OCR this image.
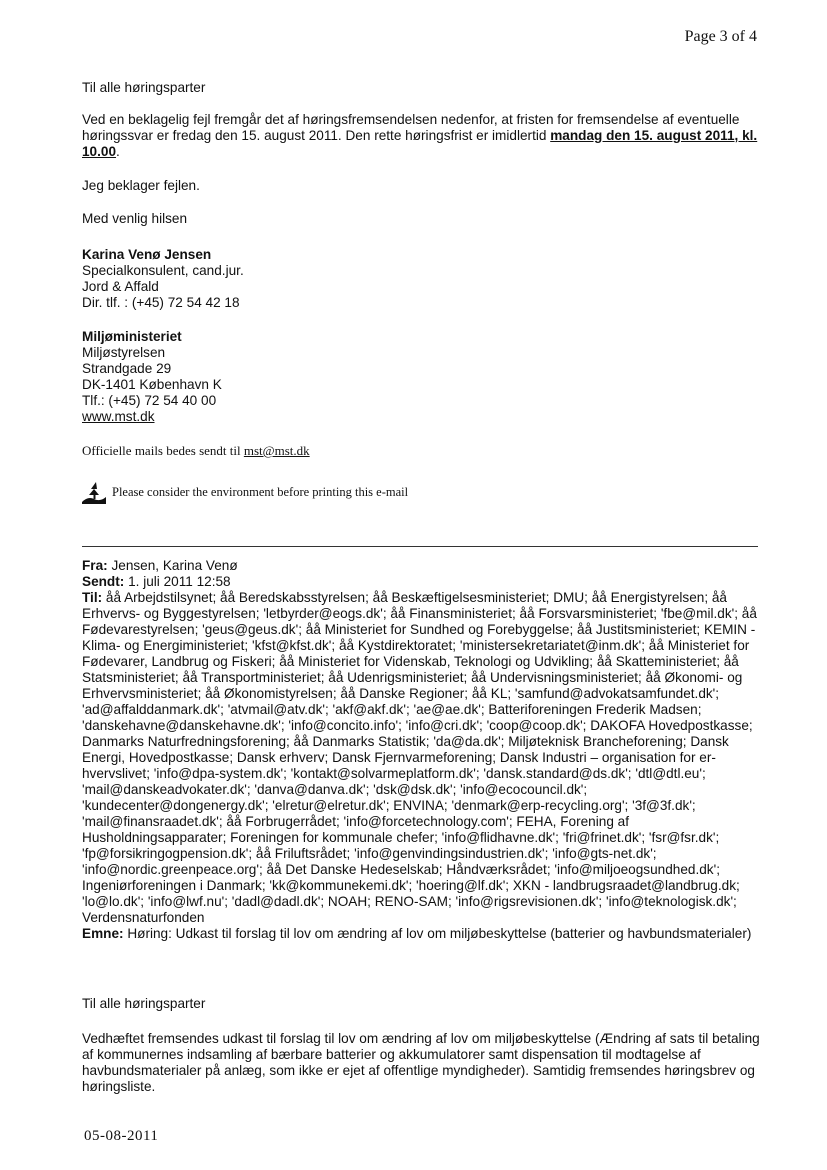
Page 3 of 4
Til alle høringsparter
Ved en beklagelig fejl fremgår det af høringsfremsendelsen nedenfor, at fristen for fremsendelse af eventuelle høringssvar er fredag den 15. august 2011. Den rette høringsfrist er imidlertid mandag den 15. august 2011, kl. 10.00.
Jeg beklager fejlen.
Med venlig hilsen
Karina Venø Jensen
Specialkonsulent, cand.jur.
Jord & Affald
Dir. tlf. : (+45) 72 54 42 18
Miljøministeriet
Miljøstyrelsen
Strandgade 29
DK-1401 København K
Tlf.: (+45) 72 54 40 00
www.mst.dk
Officielle mails bedes sendt til mst@mst.dk
Please consider the environment before printing this e-mail
Fra: Jensen, Karina Venø
Sendt: 1. juli 2011 12:58
Til: åå Arbejdstilsynet; åå Beredskabsstyrelsen; åå Beskæftigelsesministeriet; DMU; åå Energistyrelsen; åå Erhvervs- og Byggestyrelsen; 'letbyrder@eogs.dk'; åå Finansministeriet; åå Forsvarsministeriet; 'fbe@mil.dk'; åå Fødevarestyrelsen; 'geus@geus.dk'; åå Ministeriet for Sundhed og Forebyggelse; åå Justitsministeriet; KEMIN - Klima- og Energiministeriet; 'kfst@kfst.dk'; åå Kystdirektoratet; 'ministersekretariatet@inm.dk'; åå Ministeriet for Fødevarer, Landbrug og Fiskeri; åå Ministeriet for Videnskab, Teknologi og Udvikling; åå Skatteministeriet; åå Statsministeriet; åå Transportministeriet; åå Udenrigsministeriet; åå Undervisningsministeriet; åå Økonomi- og Erhvervsministeriet; åå Økonomistyrelsen; åå Danske Regioner; åå KL; 'samfund@advokatsamfundet.dk'; 'ad@affalddanmark.dk'; 'atvmail@atv.dk'; 'akf@akf.dk'; 'ae@ae.dk'; Batteriforeningen Frederik Madsen; 'danskehavne@danskehavne.dk'; 'info@concito.info'; 'info@cri.dk'; 'coop@coop.dk'; DAKOFA Hovedpostkasse; Danmarks Naturfredningsforening; åå Danmarks Statistik; 'da@da.dk'; Miljøteknisk Brancheforening; Dansk Energi, Hovedpostkasse; Dansk erhverv; Dansk Fjernvarmeforening; Dansk Industri – organisation for er-hvervslivet; 'info@dpa-system.dk'; 'kontakt@solvarmeplatform.dk'; 'dansk.standard@ds.dk'; 'dtl@dtl.eu'; 'mail@danskeadvokater.dk'; 'danva@danva.dk'; 'dsk@dsk.dk'; 'info@ecocouncil.dk'; 'kundecenter@dongenergy.dk'; 'elretur@elretur.dk'; ENVINA; 'denmark@erp-recycling.org'; '3f@3f.dk'; 'mail@finansraadet.dk'; åå Forbrugerrådet; 'info@forcetechnology.com'; FEHA, Forening af Husholdningsapparater; Foreningen for kommunale chefer; 'info@flidhavne.dk'; 'fri@frinet.dk'; 'fsr@fsr.dk'; 'fp@forsikringogpension.dk'; åå Friluftsrådet; 'info@genvindingsindustrien.dk'; 'info@gts-net.dk'; 'info@nordic.greenpeace.org'; åå Det Danske Hedeselskab; Håndværksrådet; 'info@miljoeogsundhed.dk'; Ingeniørforeningen i Danmark; 'kk@kommunekemi.dk'; 'hoering@lf.dk'; XKN - landbrugsraadet@landbrug.dk; 'lo@lo.dk'; 'info@lwf.nu'; 'dadl@dadl.dk'; NOAH; RENO-SAM; 'info@rigsrevisionen.dk'; 'info@teknologisk.dk'; Verdensnaturfonden
Emne: Høring: Udkast til forslag til lov om ændring af lov om miljøbeskyttelse (batterier og havbundsmaterialer)
Til alle høringsparter
Vedhæftet fremsendes udkast til forslag til lov om ændring af lov om miljøbeskyttelse (Ændring af sats til betaling af kommunernes indsamling af bærbare batterier og akkumulatorer samt dispensation til modtagelse af havbundsmaterialer på anlæg, som ikke er ejet af offentlige myndigheder). Samtidig fremsendes høringsbrev og høringsliste.
05-08-2011
